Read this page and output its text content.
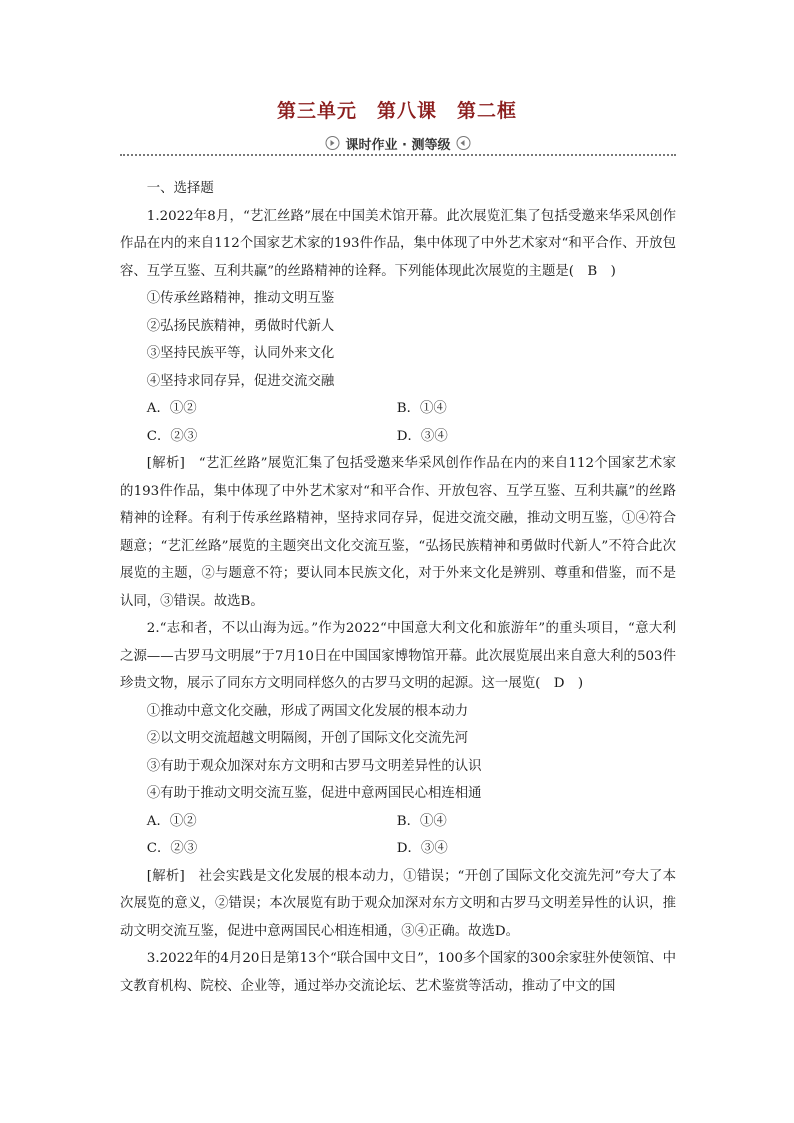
第三单元　第八课　第二框
课时作业 · 测等级

一、选择题

1.2022年8月，“艺汇丝路”展在中国美术馆开幕。此次展览汇集了包括受邀来华采风创作作品在内的来自112个国家艺术家的193件作品，集中体现了中外艺术家对“和平合作、开放包容、互学互鉴、互利共赢”的丝路精神的诠释。下列能体现此次展览的主题是(　B　)

①传承丝路精神，推动文明互鉴
②弘扬民族精神，勇做时代新人
③坚持民族平等，认同外来文化
④坚持求同存异，促进交流交融
A．①②	B．①④
C．②③	D．③④

[解析]　“艺汇丝路”展览汇集了包括受邀来华采风创作作品在内的来自112个国家艺术家的193件作品，集中体现了中外艺术家对“和平合作、开放包容、互学互鉴、互利共赢”的丝路精神的诠释。有利于传承丝路精神，坚持求同存异，促进交流交融，推动文明互鉴，①④符合题意；“艺汇丝路”展览的主题突出文化交流互鉴，“弘扬民族精神和勇做时代新人”不符合此次展览的主题，②与题意不符；要认同本民族文化，对于外来文化是辨别、尊重和借鉴，而不是认同，③错误。故选B。

2.“志和者，不以山海为远。”作为2022“中国意大利文化和旅游年”的重头项目，“意大利之源——古罗马文明展”于7月10日在中国国家博物馆开幕。此次展览展出来自意大利的503件珍贵文物，展示了同东方文明同样悠久的古罗马文明的起源。这一展览(　D　)

①推动中意文化交融，形成了两国文化发展的根本动力
②以文明交流超越文明隔阂，开创了国际文化交流先河
③有助于观众加深对东方文明和古罗马文明差异性的认识
④有助于推动文明交流互鉴，促进中意两国民心相连相通
A．①②	B．①④
C．②③	D．③④

[解析]　社会实践是文化发展的根本动力，①错误；“开创了国际文化交流先河”夸大了本次展览的意义，②错误；本次展览有助于观众加深对东方文明和古罗马文明差异性的认识，推动文明交流互鉴，促进中意两国民心相连相通，③④正确。故选D。

3.2022年的4月20日是第13个“联合国中文日”，100多个国家的300余家驻外使领馆、中文教育机构、院校、企业等，通过举办交流论坛、艺术鉴赏等活动，推动了中文的国
